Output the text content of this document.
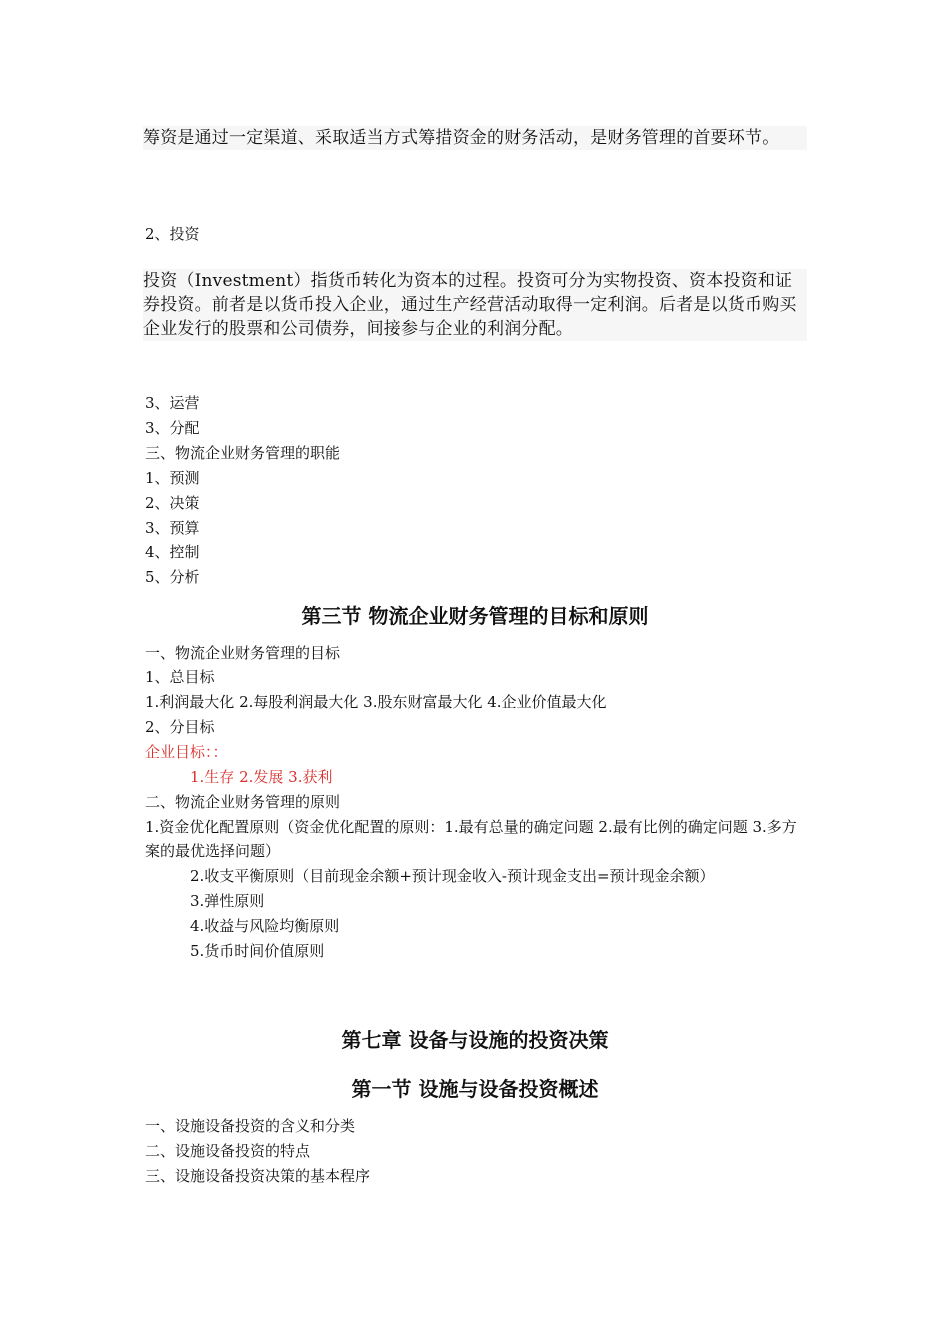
筹资是通过一定渠道、采取适当方式筹措资金的财务活动，是财务管理的首要环节。

2、投资

投资（Investment）指货币转化为资本的过程。投资可分为实物投资、资本投资和证券投资。前者是以货币投入企业，通过生产经营活动取得一定利润。后者是以货币购买企业发行的股票和公司债券，间接参与企业的利润分配。

3、运营
3、分配
三、物流企业财务管理的职能
1、预测
2、决策
3、预算
4、控制
5、分析
第三节 物流企业财务管理的目标和原则
一、物流企业财务管理的目标
1、总目标
1.利润最大化 2.每股利润最大化 3.股东财富最大化 4.企业价值最大化
2、分目标
企业目标：：
1.生存 2.发展 3.获利
二、物流企业财务管理的原则
1.资金优化配置原则（资金优化配置的原则：1.最有总量的确定问题 2.最有比例的确定问题 3.多方案的最优选择问题）
2.收支平衡原则（目前现金余额+预计现金收入-预计现金支出=预计现金余额）
3.弹性原则
4.收益与风险均衡原则
5.货币时间价值原则
第七章 设备与设施的投资决策
第一节 设施与设备投资概述
一、设施设备投资的含义和分类
二、设施设备投资的特点
三、设施设备投资决策的基本程序
